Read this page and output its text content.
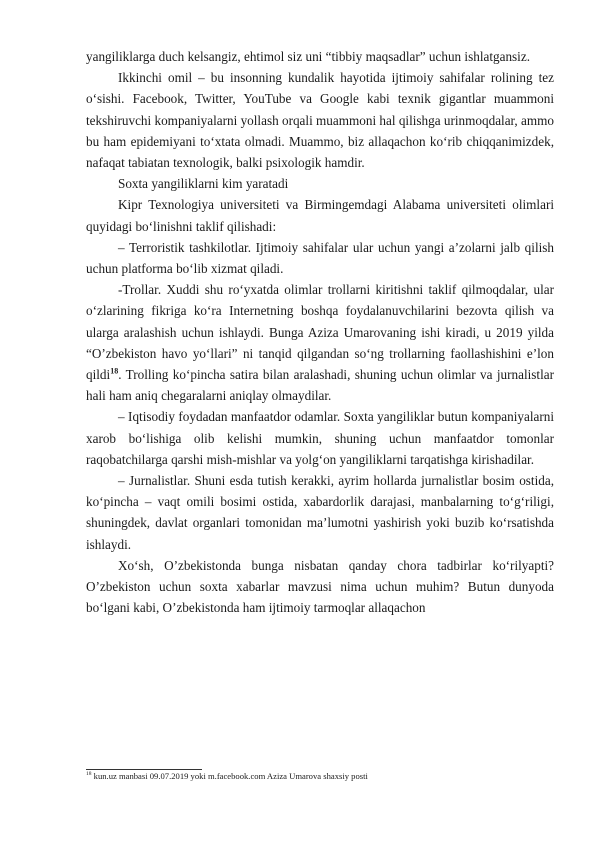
yangiliklarga duch kelsangiz, ehtimol siz uni “tibbiy maqsadlar” uchun ishlatgansiz.

Ikkinchi omil – bu insonning kundalik hayotida ijtimoiy sahifalar rolining tez o‘sishi. Facebook, Twitter, YouTube va Google kabi texnik gigantlar muammoni tekshiruvchi kompaniyalarni yollash orqali muammoni hal qilishga urinmoqdalar, ammo bu ham epidemiyani to‘xtata olmadi. Muammo, biz allaqachon ko‘rib chiqqanimizdek, nafaqat tabiatan texnologik, balki psixologik hamdir.

Soxta yangiliklarni kim yaratadi

Kipr Texnologiya universiteti va Birmingemdagi Alabama universiteti olimlari quyidagi bo‘linishni taklif qilishadi:

– Terroristik tashkilotlar. Ijtimoiy sahifalar ular uchun yangi a’zolarni jalb qilish uchun platforma bo‘lib xizmat qiladi.

-Trollar. Xuddi shu ro‘yxatda olimlar trollarni kiritishni taklif qilmoqdalar, ular o‘zlarining fikriga ko‘ra Internetning boshqa foydalanuvchilarini bezovta qilish va ularga aralashish uchun ishlaydi. Bunga Aziza Umarovaning ishi kiradi, u 2019 yilda “O’zbekiston havo yo‘llari” ni tanqid qilgandan so‘ng trollarning faollashishini e’lon qildi$^{18}$. Trolling ko‘pincha satira bilan aralashadi, shuning uchun olimlar va jurnalistlar hali ham aniq chegaralarni aniqlay olmaydilar.

– Iqtisodiy foydadan manfaatdor odamlar. Soxta yangiliklar butun kompaniyalarni xarob bo‘lishiga olib kelishi mumkin, shuning uchun manfaatdor tomonlar raqobatchilarga qarshi mish-mishlar va yolg‘on yangiliklarni tarqatishga kirishadilar.

– Jurnalistlar. Shuni esda tutish kerakki, ayrim hollarda jurnalistlar bosim ostida, ko‘pincha – vaqt omili bosimi ostida, xabardorlik darajasi, manbalarning to‘g‘riligi, shuningdek, davlat organlari tomonidan ma’lumotni yashirish yoki buzib ko‘rsatishda ishlaydi.

Xo‘sh, O’zbekistonda bunga nisbatan qanday chora tadbirlar ko‘rilyapti? O’zbekiston uchun soxta xabarlar mavzusi nima uchun muhim? Butun dunyoda bo‘lgani kabi, O’zbekistonda ham ijtimoiy tarmoqlar allaqachon

$^{18}$ kun.uz manbasi 09.07.2019 yoki m.facebook.com Aziza Umarova shaxsiy posti
